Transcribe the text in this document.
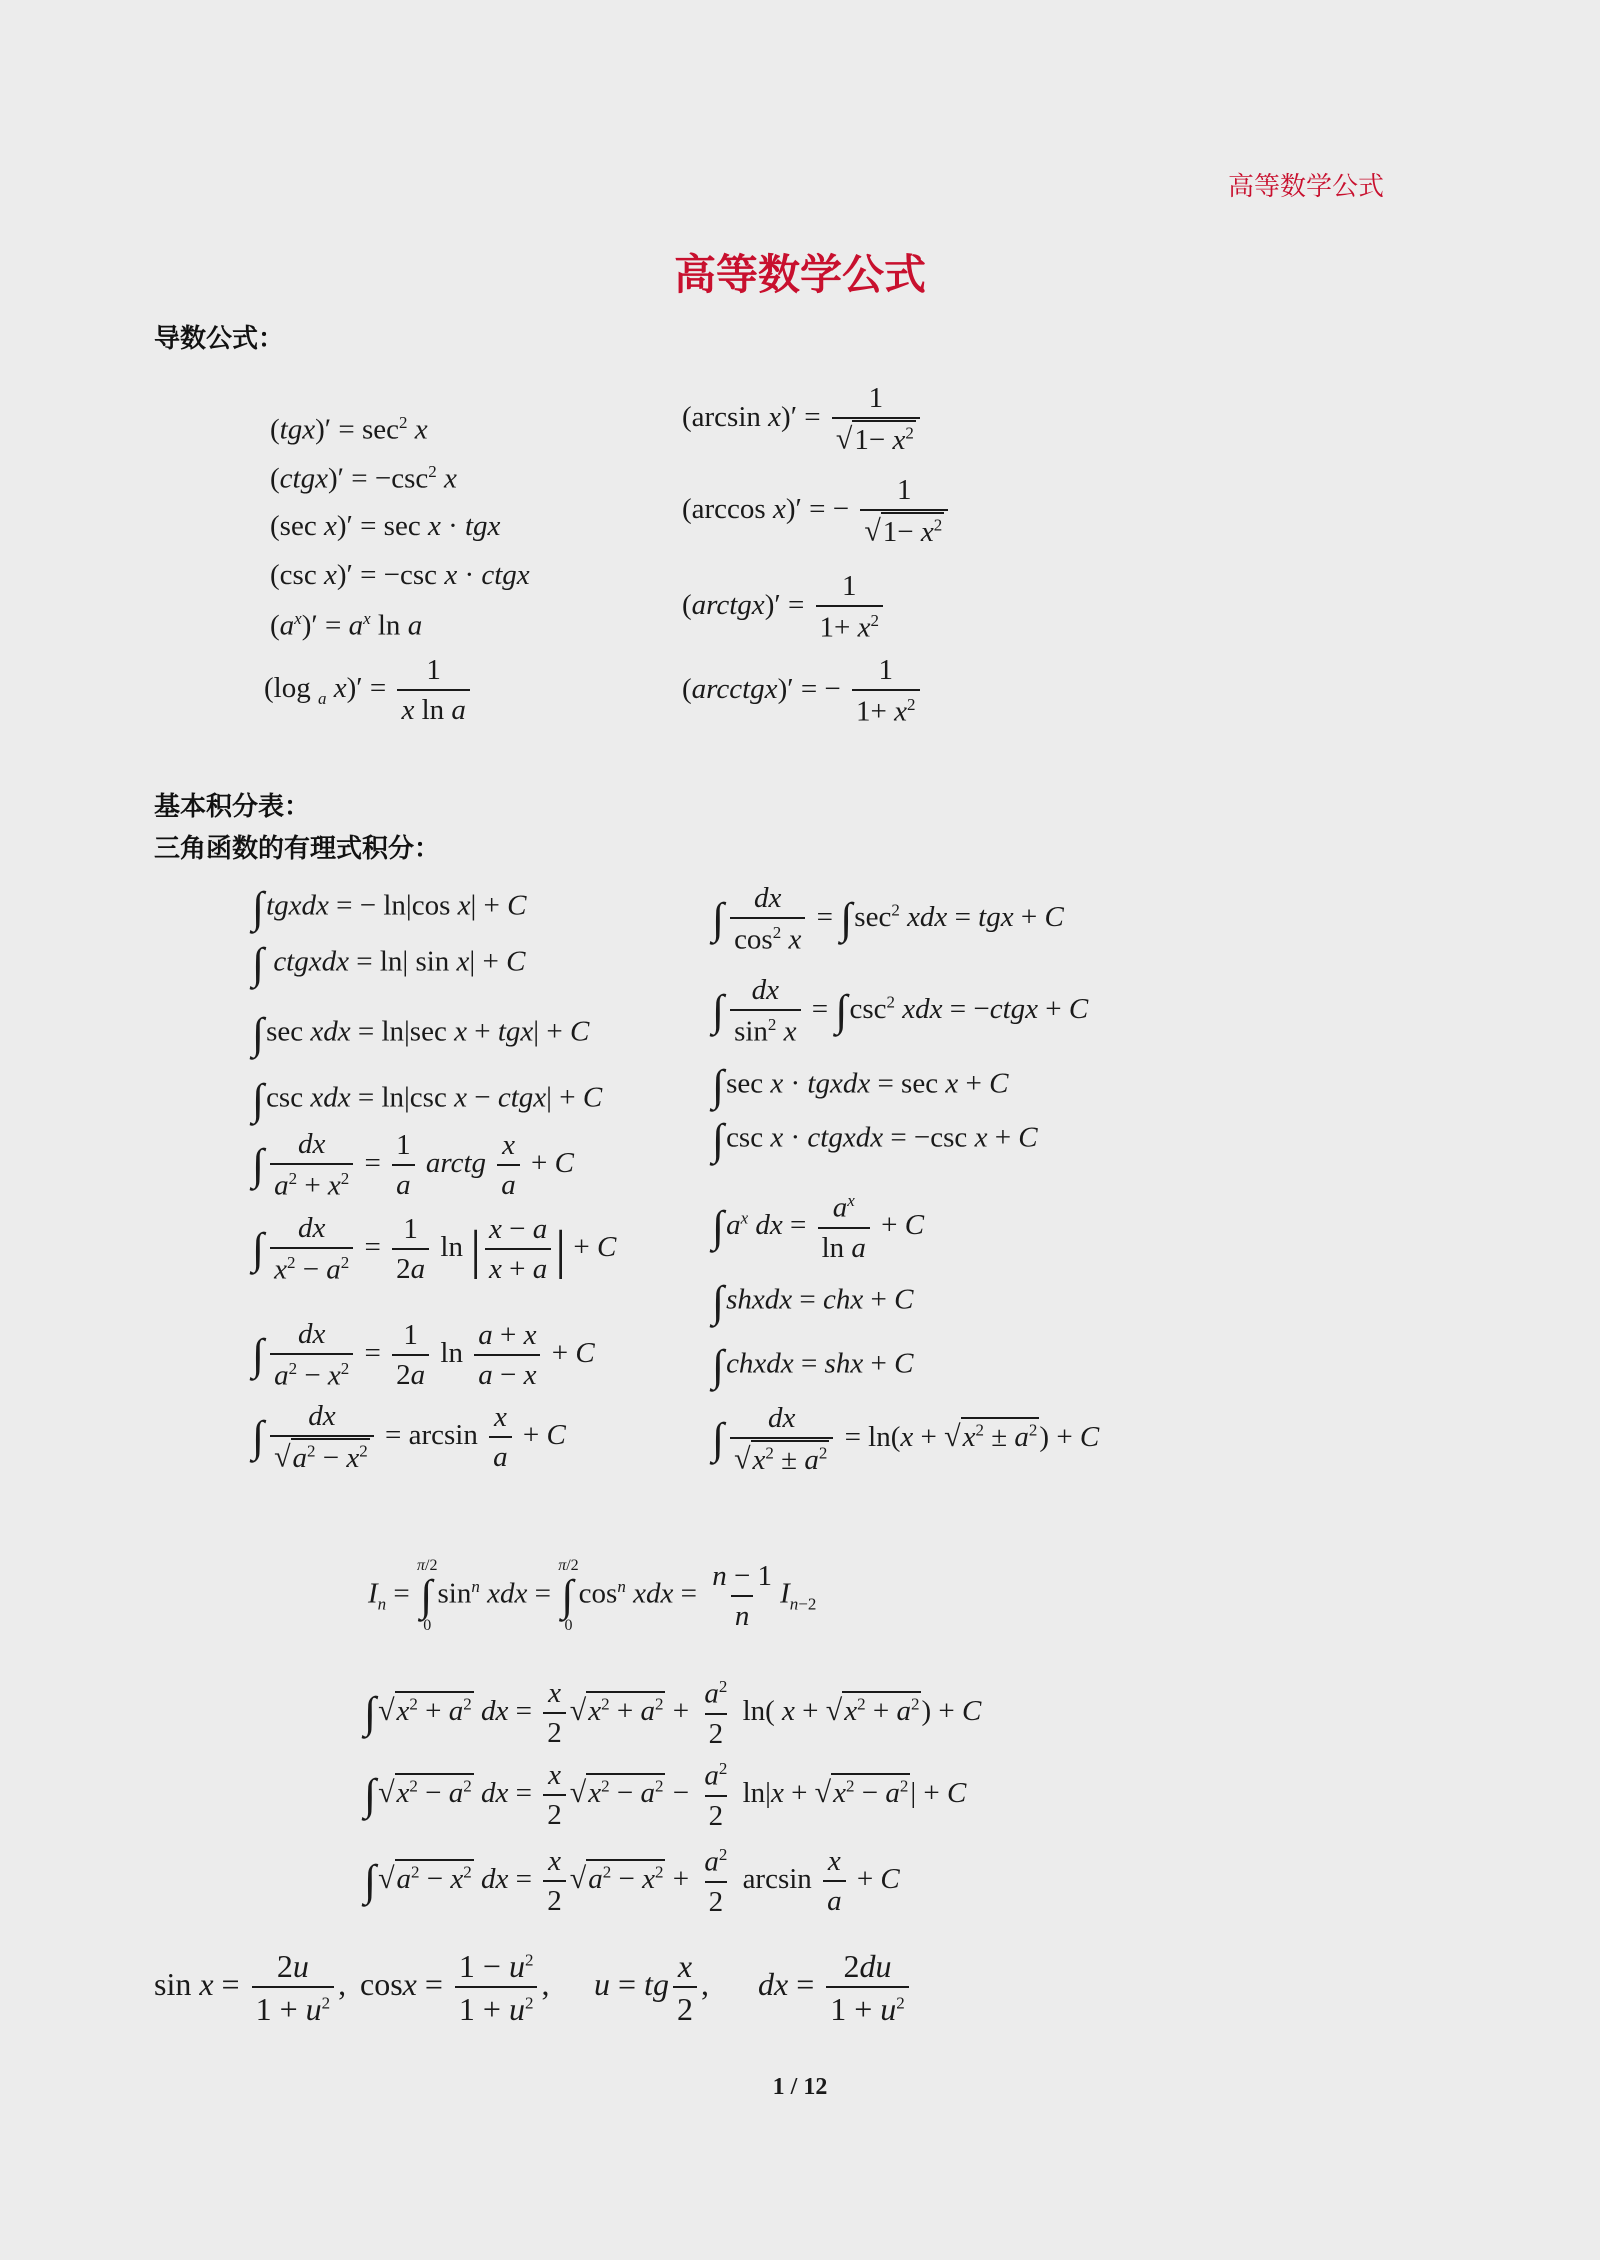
高等数学公式
高等数学公式
导数公式：
$(tgx)' = \sec^2 x$
(ctgx)′ = $-\csc^2$ x
(sec x)′ = sec x · tgx
(csc x)′ = −csc x · ctgx
$(a^x)' = a^x$ ln a
(log $_a$ $x)' = \frac{1}{\text{x ln a}}$
(arcsin $x)' = \frac{1}{√1- x^2}$
(arccos x)′ = − $\frac{1}{√1- x^2}$
(arctgx)′ = $\frac{1}{1+ x^2}$
(arcctgx)′ = − $\frac{1}{1+ x^2}$
基本积分表：
三角函数的有理式积分：
∫tgxdx = − ln|cos x| + C
∫ ctgxdx = ln| sin x| + C
∫sec xdx = ln|sec x + tgx| + C
∫csc xdx = ln|csc x − ctgx| + C
∫ $\frac{dx}{a^2 + x^2} = \frac{1}{a}$ arctg $\frac{x}{a} + C$
∫ $\frac{dx}{x^2 - a^2} = \frac{1}{2a}$ ln | $\frac{x - a}{x + a}$ | + C
∫ $\frac{dx}{a^2 - x^2} = \frac{1}{2a}$ $\ln \frac{a + x}{a - x} + C$
∫ $\frac{dx}{√a^2 - x^2} = \arcsin \frac{x}{a} + C$
∫ $\frac{dx}{\cos^2 x} = \int\sec^2$ xdx = tgx + C
∫ $\frac{dx}{\sin^2 x} = \int\csc^2$ xdx = −ctgx + C
∫sec x · tgxdx = sec x + C
∫csc x · ctgxdx = −csc x + C
$\int a^x$ dx = $\frac{a^x}{\text{ln a}} + C$
∫shxdx = chx + C
∫chxdx = shx + C
∫ $\frac{dx}{√x^2 \pm a^2} = \ln(x + √x^2 \pm a^2) + C$
$I_n$ =
π/2
∫
0
$\sin^n$ xdx =
π/2
∫
0
$\cos^n$ xdx = $\frac{n - 1}{n} I_{n-2}$
$\int√x^2 + a^2$ dx = $\frac{x}{2} √x^2 + a^2 + \frac{a^2}{2} \ln$( $x + √x^2 + a^2) + C$
$\int√x^2 - a^2$ dx = $\frac{x}{2} √x^2 - a^2 - \frac{a^2}{2} \ln|x + √x^2 - a^2| + C$
$\int√a^2 - x^2$ dx = $\frac{x}{2} √a^2 - x^2 + \frac{a^2}{2}$ $\arcsin \frac{x}{a} + C$
$\sin x = \frac{2u}{1 + u^2}$ , $\cos x = \frac{1 - u^2}{1 + u^2}$ , u = tg $\frac{x}{2}$ , dx = $\frac{2du}{1 + u^2}$
1 / 12
